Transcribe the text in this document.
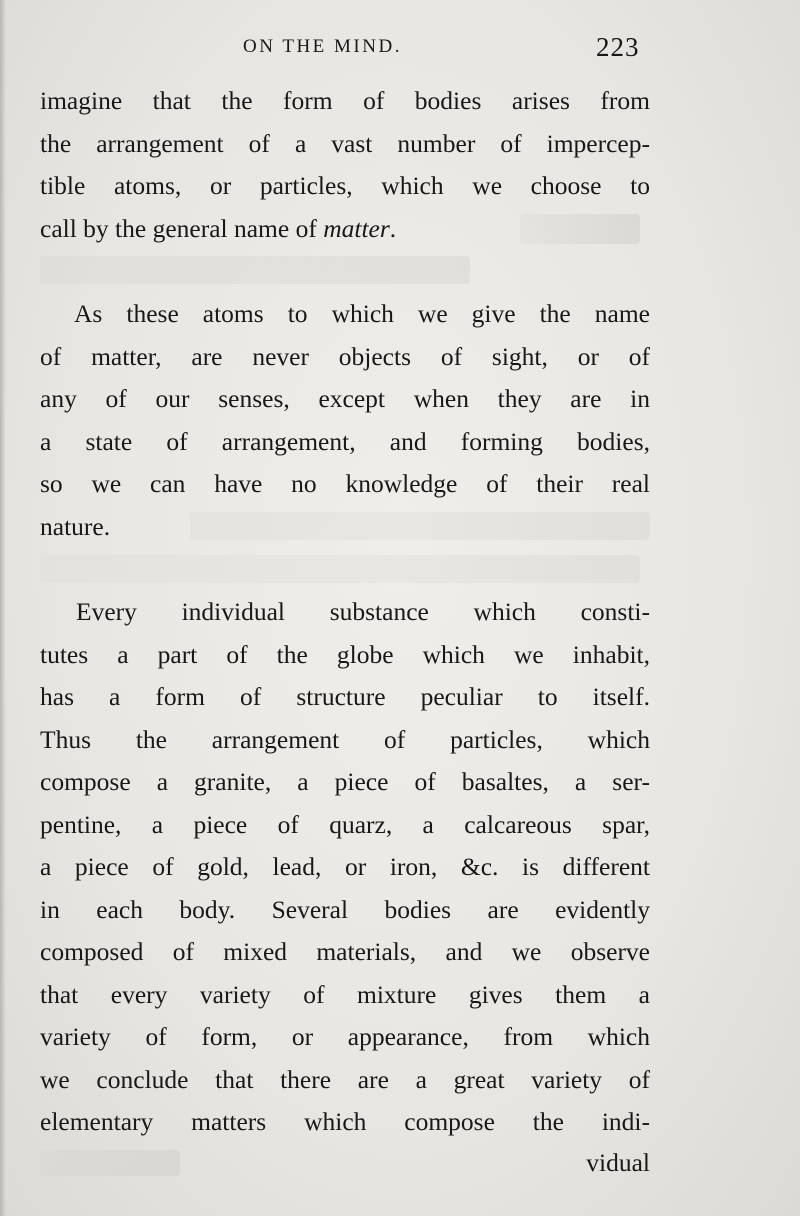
ON THE MIND.	223
imagine that the form of bodies arises from
the arrangement of a vast number of impercep-
tible atoms, or particles, which we choose to
call by the general name of matter.
As these atoms to which we give the name
of matter, are never objects of sight, or of
any of our senses, except when they are in
a state of arrangement, and forming bodies,
so we can have no knowledge of their real
nature.
Every individual substance which consti-
tutes a part of the globe which we inhabit,
has a form of structure peculiar to itself.
Thus the arrangement of particles, which
compose a granite, a piece of basaltes, a ser-
pentine, a piece of quarz, a calcareous spar,
a piece of gold, lead, or iron, &c. is different
in each body. Several bodies are evidently
composed of mixed materials, and we observe
that every variety of mixture gives them a
variety of form, or appearance, from which
we conclude that there are a great variety of
elementary matters which compose the indi-
vidual
